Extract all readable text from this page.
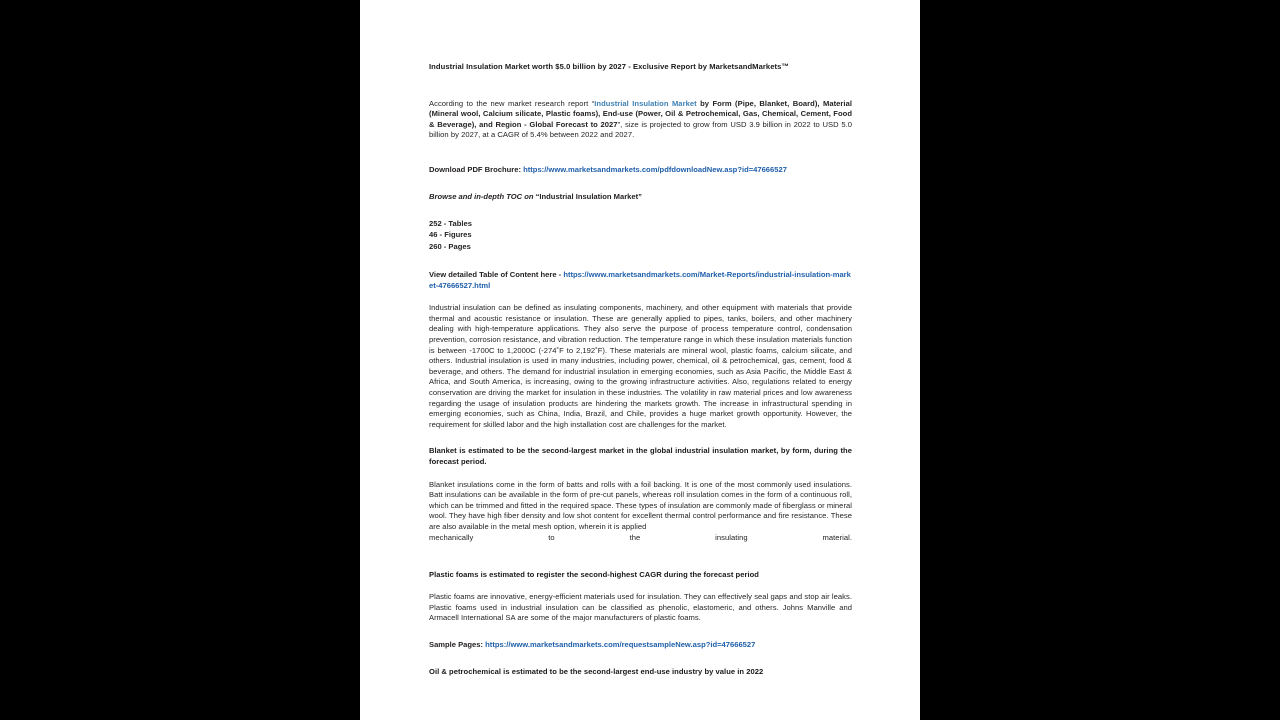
Industrial Insulation Market worth $5.0 billion by 2027 - Exclusive Report by MarketsandMarkets™

According to the new market research report “Industrial Insulation Market by Form (Pipe, Blanket, Board), Material (Mineral wool, Calcium silicate, Plastic foams), End-use (Power, Oil & Petrochemical, Gas, Chemical, Cement, Food & Beverage), and Region - Global Forecast to 2027”, size is projected to grow from USD 3.9 billion in 2022 to USD 5.0 billion by 2027, at a CAGR of 5.4% between 2022 and 2027.

Download PDF Brochure: https://www.marketsandmarkets.com/pdfdownloadNew.asp?id=47666527

Browse and in-depth TOC on “Industrial Insulation Market”

252 - Tables
46 - Figures
260 - Pages

View detailed Table of Content here - https://www.marketsandmarkets.com/Market-Reports/industrial-insulation-market-47666527.html

Industrial insulation can be defined as insulating components, machinery, and other equipment with materials that provide thermal and acoustic resistance or insulation. These are generally applied to pipes, tanks, boilers, and other machinery dealing with high-temperature applications. They also serve the purpose of process temperature control, condensation prevention, corrosion resistance, and vibration reduction. The temperature range in which these insulation materials function is between -1700C to 1,2000C (-274˚F to 2,192˚F). These materials are mineral wool, plastic foams, calcium silicate, and others. Industrial insulation is used in many industries, including power, chemical, oil & petrochemical, gas, cement, food & beverage, and others. The demand for industrial insulation in emerging economies, such as Asia Pacific, the Middle East & Africa, and South America, is increasing, owing to the growing infrastructure activities. Also, regulations related to energy conservation are driving the market for insulation in these industries. The volatility in raw material prices and low awareness regarding the usage of insulation products are hindering the markets growth. The increase in infrastructural spending in emerging economies, such as China, India, Brazil, and Chile, provides a huge market growth opportunity. However, the requirement for skilled labor and the high installation cost are challenges for the market.

Blanket is estimated to be the second-largest market in the global industrial insulation market, by form, during the forecast period.

Blanket insulations come in the form of batts and rolls with a foil backing. It is one of the most commonly used insulations. Batt insulations can be available in the form of pre-cut panels, whereas roll insulation comes in the form of a continuous roll, which can be trimmed and fitted in the required space. These types of insulation are commonly made of fiberglass or mineral wool. They have high fiber density and low shot content for excellent thermal control performance and fire resistance. These are also available in the metal mesh option, wherein it is applied

mechanically to the insulating material.

Plastic foams is estimated to register the second-highest CAGR during the forecast period

Plastic foams are innovative, energy-efficient materials used for insulation. They can effectively seal gaps and stop air leaks. Plastic foams used in industrial insulation can be classified as phenolic, elastomeric, and others. Johns Manville and Armacell International SA are some of the major manufacturers of plastic foams.

Sample Pages: https://www.marketsandmarkets.com/requestsampleNew.asp?id=47666527

Oil & petrochemical is estimated to be the second-largest end-use industry by value in 2022
